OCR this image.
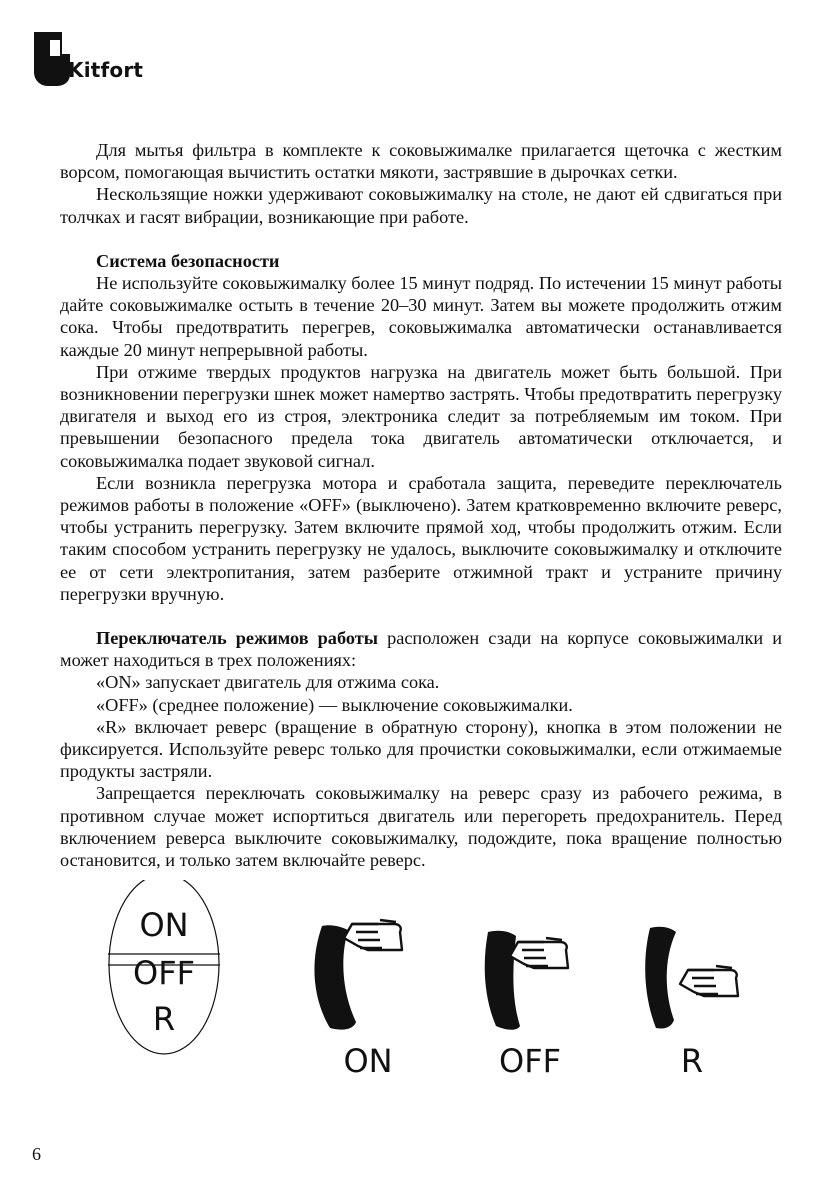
Kitfort

Для мытья фильтра в комплекте к соковыжималке прилагается щеточка с жестким ворсом, помогающая вычистить остатки мякоти, застрявшие в дырочках сетки.

Нескользящие ножки удерживают соковыжималку на столе, не дают ей сдвигаться при толчках и гасят вибрации, возникающие при работе.

Система безопасности

Не используйте соковыжималку более 15 минут подряд. По истечении 15 минут работы дайте соковыжималке остыть в течение 20–30 минут. Затем вы можете продолжить отжим сока. Чтобы предотвратить перегрев, соковыжималка автоматически останавливается каждые 20 минут непрерывной работы.

При отжиме твердых продуктов нагрузка на двигатель может быть большой. При возникновении перегрузки шнек может намертво застрять. Чтобы предотвратить перегрузку двигателя и выход его из строя, электроника следит за потребляемым им током. При превышении безопасного предела тока двигатель автоматически отключается, и соковыжималка подает звуковой сигнал.

Если возникла перегрузка мотора и сработала защита, переведите переключатель режимов работы в положение «OFF» (выключено). Затем кратковременно включите реверс, чтобы устранить перегрузку. Затем включите прямой ход, чтобы продолжить отжим. Если таким способом устранить перегрузку не удалось, выключите соковыжималку и отключите ее от сети электропитания, затем разберите отжимной тракт и устраните причину перегрузки вручную.

Переключатель режимов работы расположен сзади на корпусе соковыжималки и может находиться в трех положениях:

«ON» запускает двигатель для отжима сока.

«OFF» (среднее положение) — выключение соковыжималки.

«R» включает реверс (вращение в обратную сторону), кнопка в этом положении не фиксируется. Используйте реверс только для прочистки соковыжималки, если отжимаемые продукты застряли.

Запрещается переключать соковыжималку на реверс сразу из рабочего режима, в противном случае может испортиться двигатель или перегореть предохранитель. Перед включением реверса выключите соковыжималку, подождите, пока вращение полностью остановится, и только затем включайте реверс.

ON
OFF
R
ON	OFF	R
6
